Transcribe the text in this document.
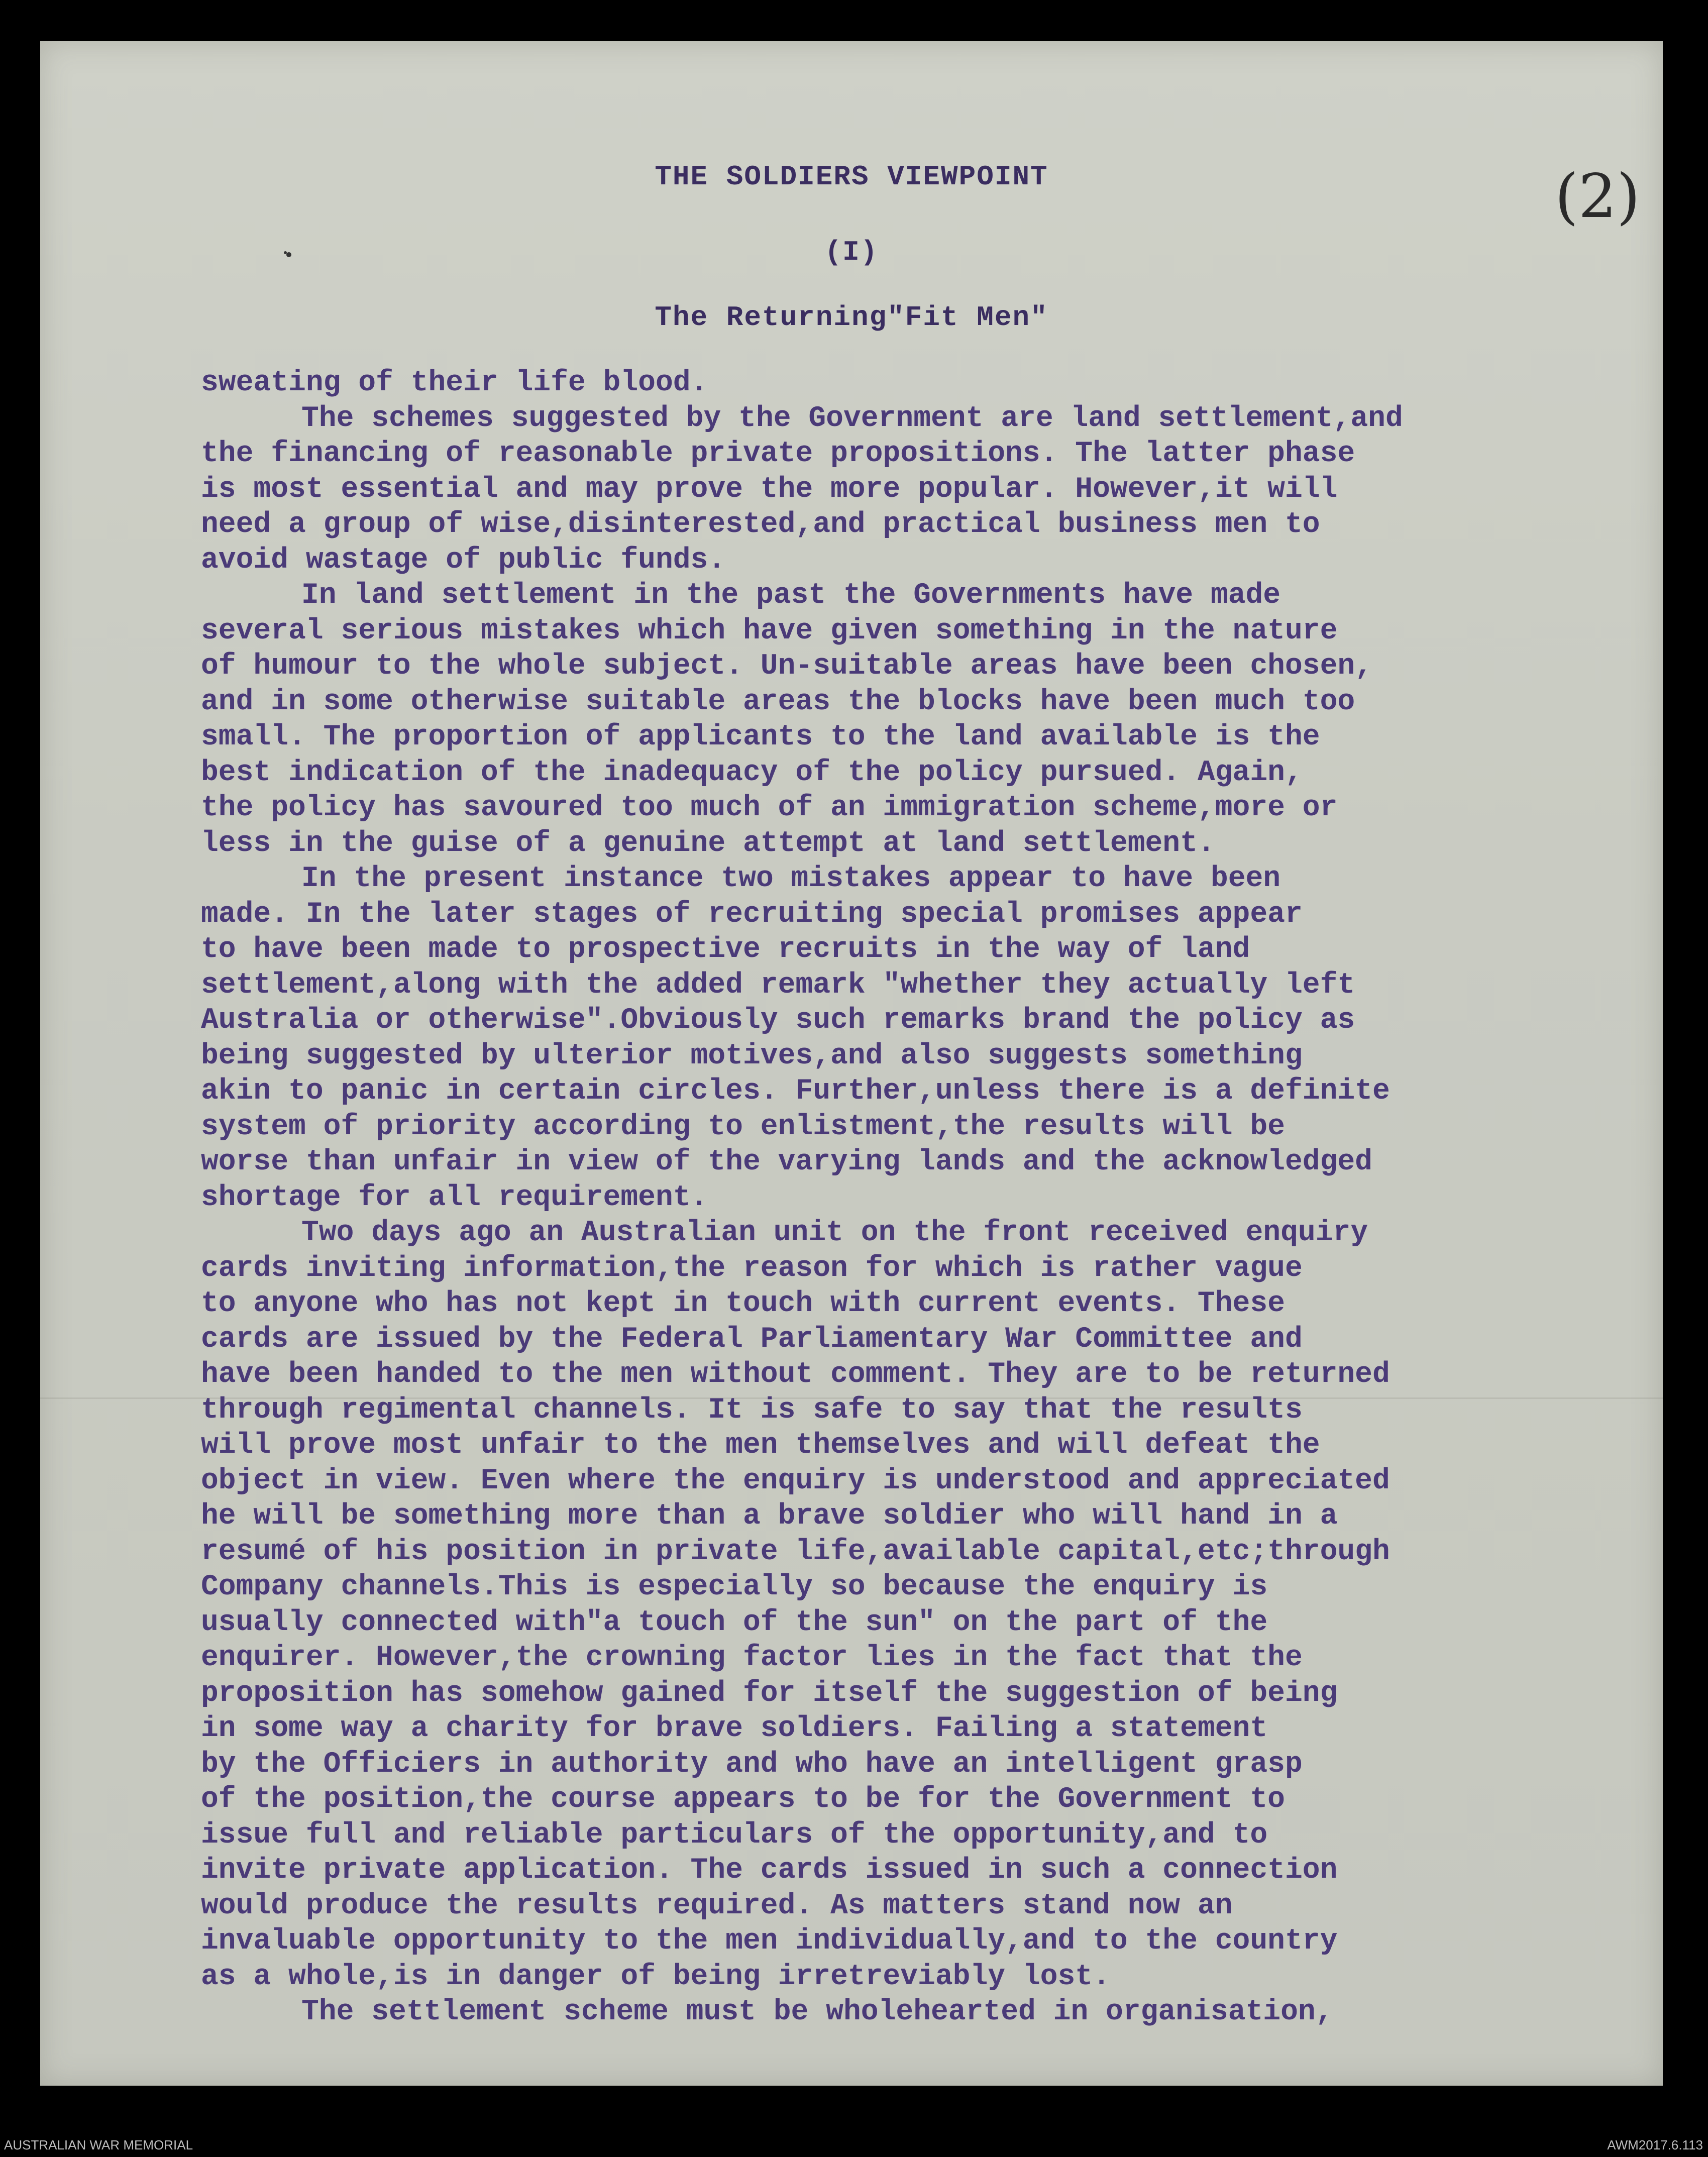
THE SOLDIERS VIEWPOINT
(I)
The Returning"Fit Men"
(2)

sweating of their life blood.

The schemes suggested by the Government are land settlement,and

the financing of reasonable private propositions. The latter phase

is most essential and may prove the more popular. However,it will

need a group of wise,disinterested,and practical business men to

avoid wastage of public funds.

In land settlement in the past the Governments have made

several serious mistakes which have given something in the nature

of humour to the whole subject. Un-suitable areas have been chosen,

and in some otherwise suitable areas the blocks have been much too

small. The proportion of applicants to the land available is the

best indication of the inadequacy of the policy pursued. Again,

the policy has savoured too much of an immigration scheme,more or

less in the guise of a genuine attempt at land settlement.

In the present instance two mistakes appear to have been

made. In the later stages of recruiting special promises appear

to have been made to prospective recruits in the way of land

settlement,along with the added remark "whether they actually left

Australia or otherwise".Obviously such remarks brand the policy as

being suggested by ulterior motives,and also suggests something

akin to panic in certain circles. Further,unless there is a definite

system of priority according to enlistment,the results will be

worse than unfair in view of the varying lands and the acknowledged

shortage for all requirement.

Two days ago an Australian unit on the front received enquiry

cards inviting information,the reason for which is rather vague

to anyone who has not kept in touch with current events. These

cards are issued by the Federal Parliamentary War Committee and

have been handed to the men without comment. They are to be returned

through regimental channels. It is safe to say that the results

will prove most unfair to the men themselves and will defeat the

object in view. Even where the enquiry is understood and appreciated

he will be something more than a brave soldier who will hand in a

resumé of his position in private life,available capital,etc;through

Company channels.This is especially so because the enquiry is

usually connected with"a touch of the sun" on the part of the

enquirer. However,the crowning factor lies in the fact that the

proposition has somehow gained for itself the suggestion of being

in some way a charity for brave soldiers. Failing a statement

by the Officiers in authority and who have an intelligent grasp

of the position,the course appears to be for the Government to

issue full and reliable particulars of the opportunity,and to

invite private application. The cards issued in such a connection

would produce the results required. As matters stand now an

invaluable opportunity to the men individually,and to the country

as a whole,is in danger of being irretreviably lost.

The settlement scheme must be wholehearted in organisation,

AUSTRALIAN WAR MEMORIAL	AWM2017.6.113
